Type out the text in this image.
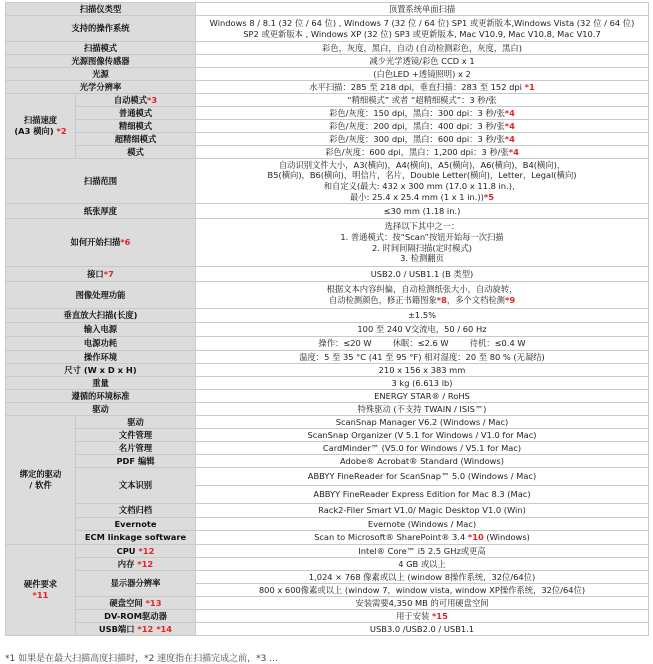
扫描仪类型		顶置系统单面扫描
支持的操作系统		Windows 8 / 8.1 (32 位 / 64 位) , Windows 7 (32 位 / 64 位) SP1 或更新版本,Windows Vista (32 位 / 64 位)
SP2 或更新版本 , Windows XP (32 位) SP3 或更新版本, Mac V10.9, Mac V10.8, Mac V10.7

扫描模式		彩色，灰度，黑白，自动 (自动检测彩色，灰度，黑白)
光源图像传感器		减少光学透镜/彩色 CCD x 1
光源		(白色LED +透镜照明) x 2
光学分辨率		水平扫描：285 至 218 dpi，垂直扫描：283 至 152 dpi *1

扫描速度
(A3 横向) *2	自动模式*3	“精细模式” 或者 “超精细模式”：3 秒/张
	普通模式	彩色/灰度：150 dpi，黑白：300 dpi：3 秒/张*4
	精细模式	彩色/灰度：200 dpi，黑白：400 dpi：3 秒/张*4
	超精细模式	彩色/灰度：300 dpi，黑白：600 dpi：3 秒/张*4
	模式	彩色/灰度：600 dpi，黑白：1,200 dpi：3 秒/张*4
扫描范围		自动识别文件大小，A3(横向)，A4(横向)，A5(横向)，A6(横向)，B4(横向)，
B5(横向)，B6(横向)，明信片，名片，Double Letter(横向)，Letter，Legal(横向)
和自定义(最大: 432 x 300 mm (17.0 x 11.8 in.)，
最小: 25.4 x 25.4 mm (1 x 1 in.))*5

纸张厚度		≤30 mm (1.18 in.)
如何开始扫描*6		选择以下其中之一：
1. 普通模式：按“Scan”按钮开始每一次扫描
2. 时间间隔扫描(定时模式)
3. 检测翻页

接口*7		USB2.0 / USB1.1 (B 类型)
图像处理功能		根据文本内容纠偏，自动检测纸张大小，自动旋转，
自动检测颜色，修正书籍图象*8，多个文档检测*9

垂直放大扫描(长度)		±1.5%
输入电源		100 至 240 V交流电，50 / 60 Hz
电源功耗		操作：≤20 W        休眠：≤2.6 W        待机：≤0.4 W
操作环境		温度：5 至 35 °C (41 至 95 °F) 相对湿度：20 至 80 % (无凝结)
尺寸 (W x D x H)		210 x 156 x 383 mm
重量		3 kg (6.613 lb)
遵循的环境标准		ENERGY STAR® / RoHS
驱动		特殊驱动 (不支持 TWAIN / ISIS™)

绑定的驱动
/ 软件	驱动	ScanSnap Manager V6.2 (Windows / Mac)
	文件管理	ScanSnap Organizer (V 5.1 for Windows / V1.0 for Mac)
	名片管理	CardMinder™ (V5.0 for Windows / V5.1 for Mac)
	PDF 编辑	Adobe® Acrobat® Standard (Windows)
	文本识别	ABBYY FineReader for ScanSnap™ 5.0 (Windows / Mac)
		ABBYY FineReader Express Edition for Mac 8.3 (Mac)
	文档归档	Rack2-Filer Smart V1.0/ Magic Desktop V1.0 (Win)
	Evernote	Evernote (Windows / Mac)
	ECM linkage software	Scan to Microsoft® SharePoint® 3.4 *10 (Windows)

硬件要求
*11	CPU *12	Intel® Core™ i5 2.5 GHz或更高
	内存 *12	4 GB 或以上
	显示器分辨率	1,024 × 768 像素或以上 (window 8操作系统，32位/64位)
		800 x 600像素或以上 (window 7，window vista, window XP操作系统，32位/64位)
	硬盘空间 *13	安装需要4,350 MB 的可用硬盘空间
	DV-ROM驱动器	用于安装 *15
	USB端口 *12 *14	USB3.0 /USB2.0 / USB1.1
*1 如果是在最大扫描高度扫描时，*2 速度指在扫描完成之前，*3 ...
